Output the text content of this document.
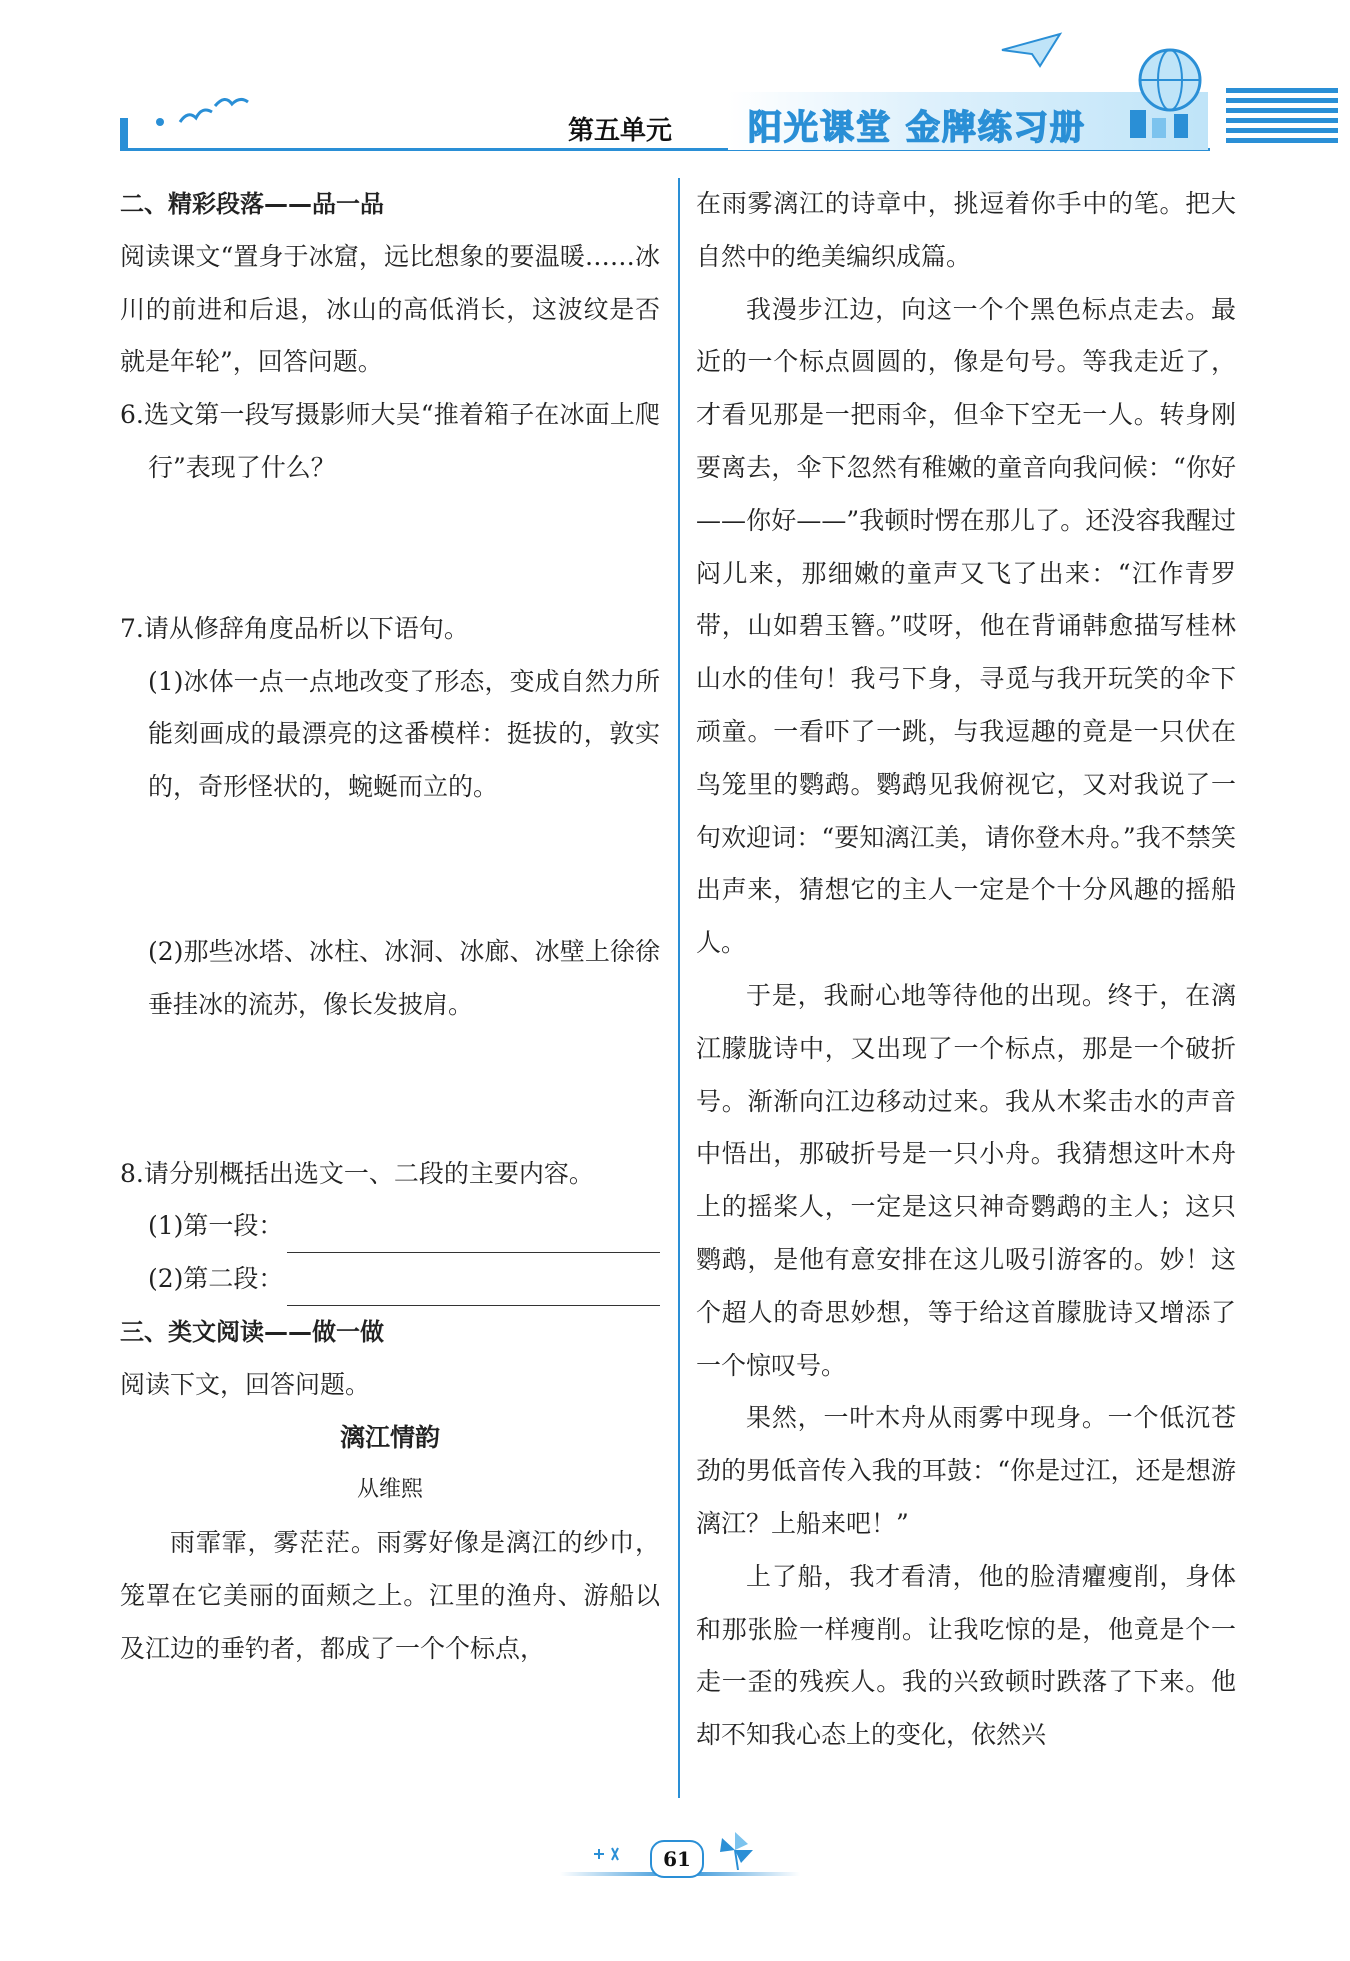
第五单元 阳光课堂 金牌练习册

二、精彩段落——品一品

阅读课文“置身于冰窟，远比想象的要温暖……冰川的前进和后退，冰山的高低消长，这波纹是否就是年轮”，回答问题。

6.选文第一段写摄影师大吴“推着箱子在冰面上爬行”表现了什么？

7.请从修辞角度品析以下语句。

(1)冰体一点一点地改变了形态，变成自然力所能刻画成的最漂亮的这番模样：挺拔的，敦实的，奇形怪状的，蜿蜒而立的。

(2)那些冰塔、冰柱、冰洞、冰廊、冰壁上徐徐垂挂冰的流苏，像长发披肩。

8.请分别概括出选文一、二段的主要内容。

(1)第一段：
(2)第二段：

三、类文阅读——做一做

阅读下文，回答问题。

漓江情韵

从维熙

雨霏霏，雾茫茫。雨雾好像是漓江的纱巾，笼罩在它美丽的面颊之上。江里的渔舟、游船以及江边的垂钓者，都成了一个个标点，

在雨雾漓江的诗章中，挑逗着你手中的笔。把大自然中的绝美编织成篇。

我漫步江边，向这一个个黑色标点走去。最近的一个标点圆圆的，像是句号。等我走近了，才看见那是一把雨伞，但伞下空无一人。转身刚要离去，伞下忽然有稚嫩的童音向我问候：“你好——你好——”我顿时愣在那儿了。还没容我醒过闷儿来，那细嫩的童声又飞了出来：“江作青罗带，山如碧玉簪。”哎呀，他在背诵韩愈描写桂林山水的佳句！我弓下身，寻觅与我开玩笑的伞下顽童。一看吓了一跳，与我逗趣的竟是一只伏在鸟笼里的鹦鹉。鹦鹉见我俯视它，又对我说了一句欢迎词：“要知漓江美，请你登木舟。”我不禁笑出声来，猜想它的主人一定是个十分风趣的摇船人。

于是，我耐心地等待他的出现。终于，在漓江朦胧诗中，又出现了一个标点，那是一个破折号。渐渐向江边移动过来。我从木桨击水的声音中悟出，那破折号是一只小舟。我猜想这叶木舟上的摇桨人，一定是这只神奇鹦鹉的主人；这只鹦鹉，是他有意安排在这儿吸引游客的。妙！这个超人的奇思妙想，等于给这首朦胧诗又增添了一个惊叹号。

果然，一叶木舟从雨雾中现身。一个低沉苍劲的男低音传入我的耳鼓：“你是过江，还是想游漓江？上船来吧！”

上了船，我才看清，他的脸清癯瘦削，身体和那张脸一样瘦削。让我吃惊的是，他竟是个一走一歪的残疾人。我的兴致顿时跌落了下来。他却不知我心态上的变化，依然兴

61
